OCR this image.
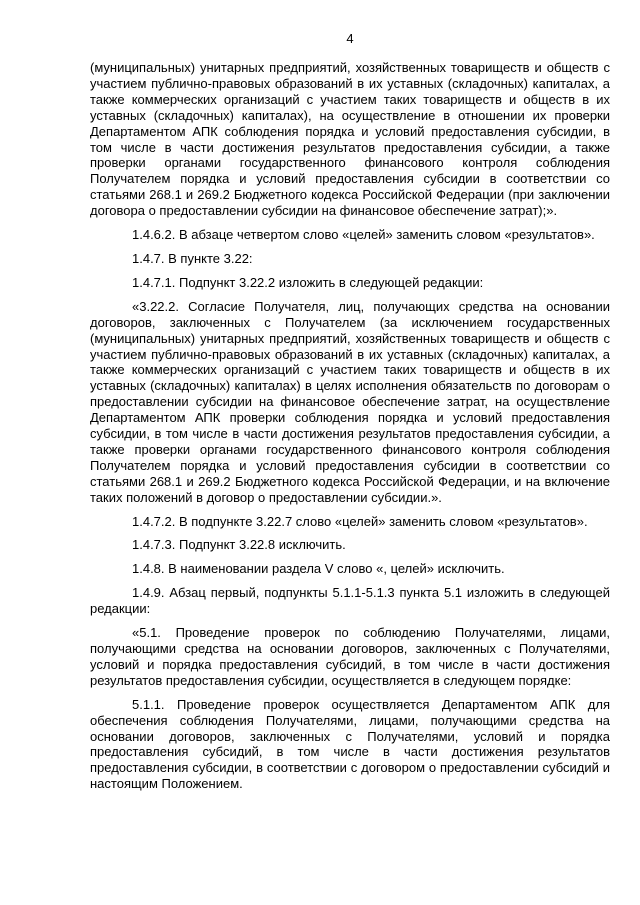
4

(муниципальных) унитарных предприятий, хозяйственных товариществ и обществ с участием публично-правовых образований в их уставных (складочных) капиталах, а также коммерческих организаций с участием таких товариществ и обществ в их уставных (складочных) капиталах), на осуществление в отношении их проверки Департаментом АПК соблюдения порядка и условий предоставления субсидии, в том числе в части достижения результатов предоставления субсидии, а также проверки органами государственного финансового контроля соблюдения Получателем порядка и условий предоставления субсидии в соответствии со статьями 268.1 и 269.2 Бюджетного кодекса Российской Федерации (при заключении договора о предоставлении субсидии на финансовое обеспечение затрат);».

1.4.6.2. В абзаце четвертом слово «целей» заменить словом «результатов».

1.4.7. В пункте 3.22:

1.4.7.1. Подпункт 3.22.2 изложить в следующей редакции:

«3.22.2. Согласие Получателя, лиц, получающих средства на основании договоров, заключенных с Получателем (за исключением государственных (муниципальных) унитарных предприятий, хозяйственных товариществ и обществ с участием публично-правовых образований в их уставных (складочных) капиталах, а также коммерческих организаций с участием таких товариществ и обществ в их уставных (складочных) капиталах) в целях исполнения обязательств по договорам о предоставлении субсидии на финансовое обеспечение затрат, на осуществление Департаментом АПК проверки соблюдения порядка и условий предоставления субсидии, в том числе в части достижения результатов предоставления субсидии, а также проверки органами государственного финансового контроля соблюдения Получателем порядка и условий предоставления субсидии в соответствии со статьями 268.1 и 269.2 Бюджетного кодекса Российской Федерации, и на включение таких положений в договор о предоставлении субсидии.».

1.4.7.2. В подпункте 3.22.7 слово «целей» заменить словом «результатов».

1.4.7.3. Подпункт 3.22.8 исключить.

1.4.8. В наименовании раздела V слово «, целей» исключить.

1.4.9. Абзац первый, подпункты 5.1.1-5.1.3 пункта 5.1 изложить в следующей редакции:

«5.1. Проведение проверок по соблюдению Получателями, лицами, получающими средства на основании договоров, заключенных с Получателями, условий и порядка предоставления субсидий, в том числе в части достижения результатов предоставления субсидии, осуществляется в следующем порядке:

5.1.1. Проведение проверок осуществляется Департаментом АПК для обеспечения соблюдения Получателями, лицами, получающими средства на основании договоров, заключенных с Получателями, условий и порядка предоставления субсидий, в том числе в части достижения результатов предоставления субсидии, в соответствии с договором о предоставлении субсидий и настоящим Положением.
